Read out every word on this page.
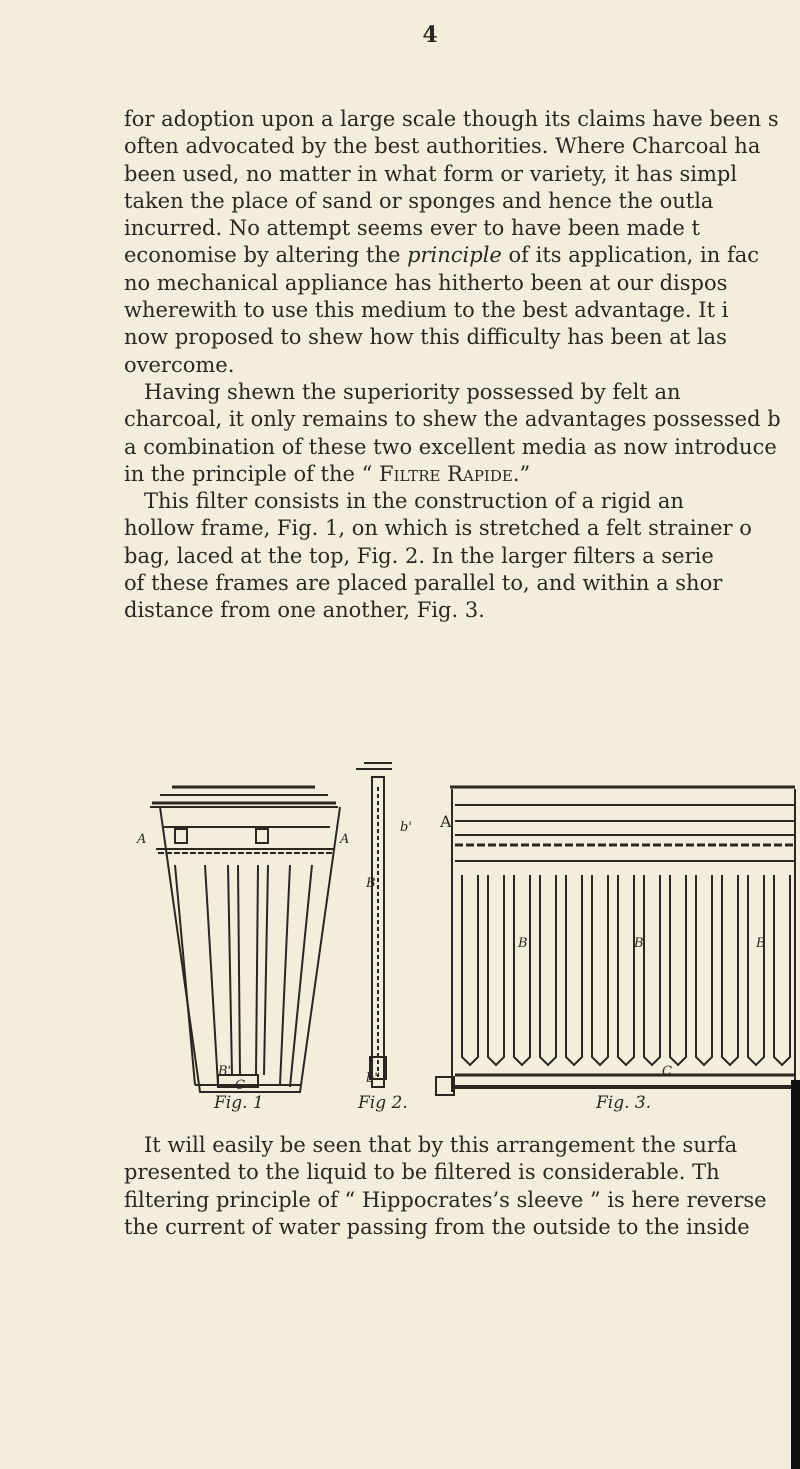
4
for adoption upon a large scale though its claims have been s
often advocated by the best authorities. Where Charcoal ha
been used, no matter in what form or variety, it has simpl
taken the place of sand or sponges and hence the outla
incurred. No attempt seems ever to have been made t
economise by altering the principle of its application, in fac
no mechanical appliance has hitherto been at our dispos
wherewith to use this medium to the best advantage. It i
now proposed to shew how this difficulty has been at las
overcome.
Having shewn the superiority possessed by felt an
charcoal, it only remains to shew the advantages possessed b
a combination of these two excellent media as now introduce
in the principle of the “ Filtre Rapide.”
This filter consists in the construction of a rigid an
hollow frame, Fig. 1, on which is stretched a felt strainer o
bag, laced at the top, Fig. 2. In the larger filters a serie
of these frames are placed parallel to, and within a shor
distance from one another, Fig. 3.
A	A
B'
C
B
b'
b"
A
B	B	B
C
Fig. 1	Fig 2.	Fig. 3.
It will easily be seen that by this arrangement the surfa
presented to the liquid to be filtered is considerable. Th
filtering principle of “ Hippocrates’s sleeve ” is here reverse
the current of water passing from the outside to the inside
